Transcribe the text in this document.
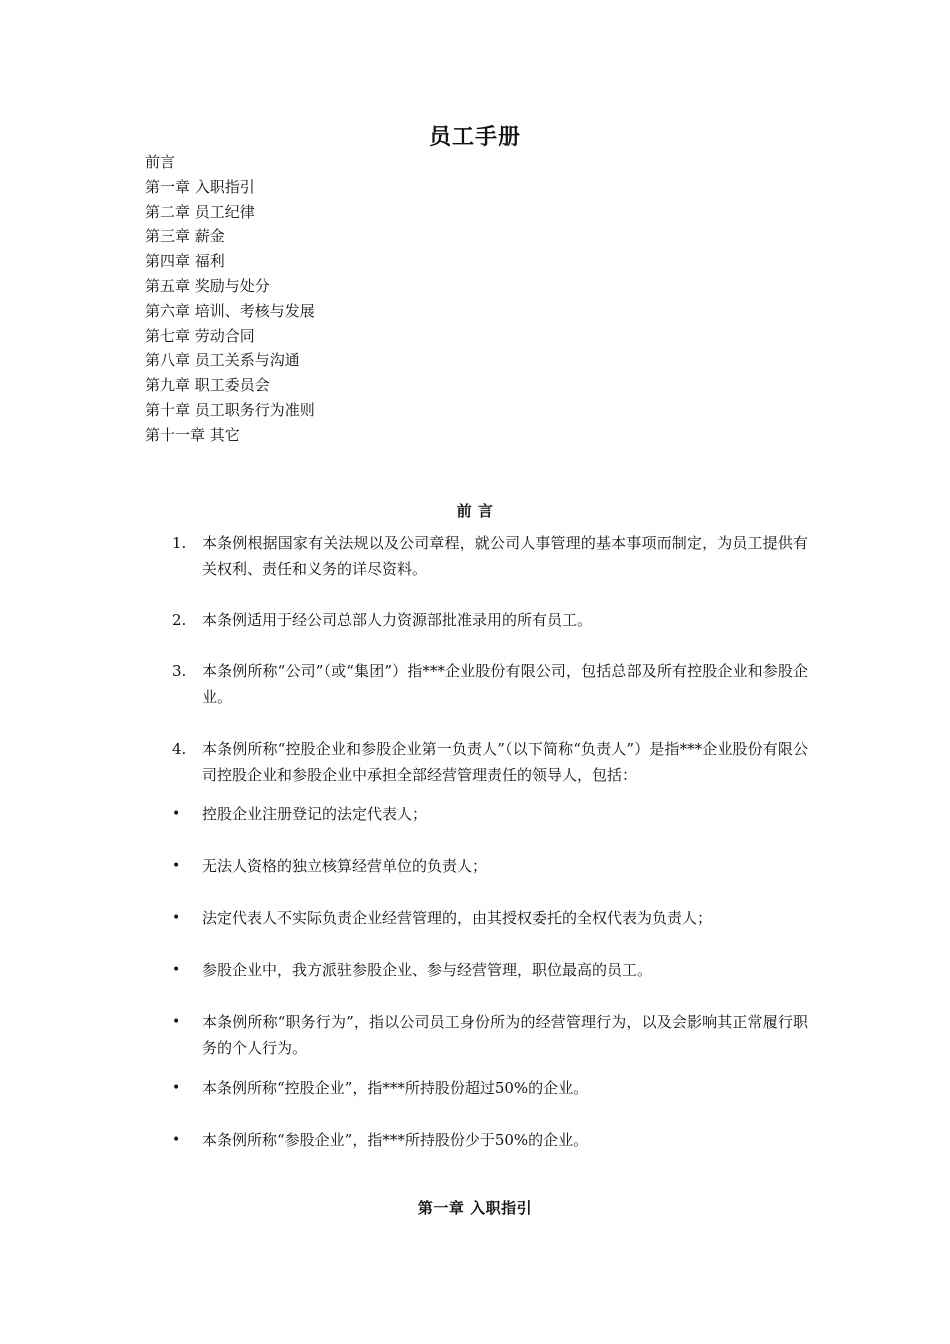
员工手册
前言
第一章 入职指引
第二章 员工纪律
第三章 薪金
第四章 福利
第五章 奖励与处分
第六章 培训、考核与发展
第七章 劳动合同
第八章 员工关系与沟通
第九章 职工委员会
第十章 员工职务行为准则
第十一章 其它
前 言
1.	本条例根据国家有关法规以及公司章程，就公司人事管理的基本事项而制定，为员工提供有关权利、责任和义务的详尽资料。
2.	本条例适用于经公司总部人力资源部批准录用的所有员工。
3.	本条例所称“公司”（或“集团”）指***企业股份有限公司，包括总部及所有控股企业和参股企业。
4.	本条例所称“控股企业和参股企业第一负责人”（以下简称“负责人”）是指***企业股份有限公司控股企业和参股企业中承担全部经营管理责任的领导人，包括：
• 控股企业注册登记的法定代表人；
• 无法人资格的独立核算经营单位的负责人；
• 法定代表人不实际负责企业经营管理的，由其授权委托的全权代表为负责人；
• 参股企业中，我方派驻参股企业、参与经营管理，职位最高的员工。
• 本条例所称“职务行为”，指以公司员工身份所为的经营管理行为，以及会影响其正常履行职务的个人行为。
• 本条例所称“控股企业”，指***所持股份超过50%的企业。
• 本条例所称“参股企业”，指***所持股份少于50%的企业。
第一章 入职指引
